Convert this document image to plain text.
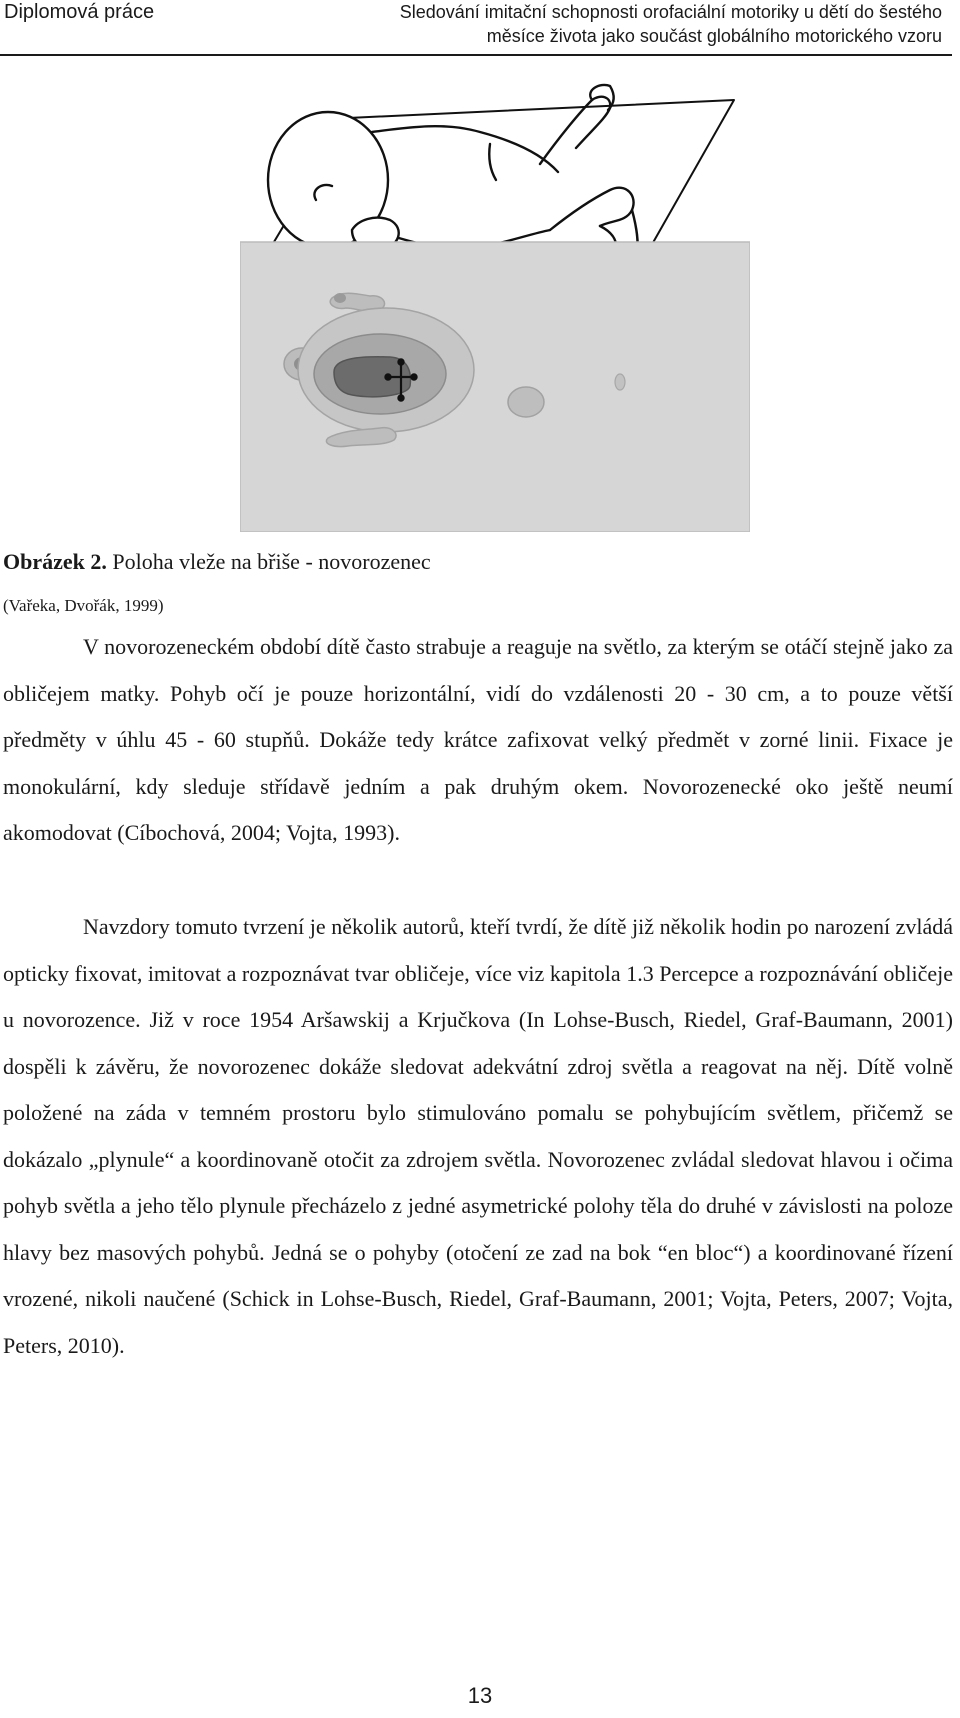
Diplomová práce	Sledování imitační schopnosti orofaciální motoriky u dětí do šestého
měsíce života jako součást globálního motorického vzoru
Obrázek 2. Poloha vleže na břiše - novorozenec
(Vařeka, Dvořák, 1999)

V novorozeneckém období dítě často strabuje a reaguje na světlo, za kterým se otáčí stejně jako za obličejem matky. Pohyb očí je pouze horizontální, vidí do vzdálenosti 20 - 30 cm, a to pouze větší předměty v úhlu 45 - 60 stupňů. Dokáže tedy krátce zafixovat velký předmět v zorné linii. Fixace je monokulární, kdy sleduje střídavě jedním a pak druhým okem. Novorozenecké oko ještě neumí akomodovat (Cíbochová, 2004; Vojta, 1993).

Navzdory tomuto tvrzení je několik autorů, kteří tvrdí, že dítě již několik hodin po narození zvládá opticky fixovat, imitovat a rozpoznávat tvar obličeje, více viz kapitola 1.3 Percepce a rozpoznávání obličeje u novorozence. Již v roce 1954 Aršawskij a Krjučkova (In Lohse-Busch, Riedel, Graf-Baumann, 2001) dospěli k závěru, že novorozenec dokáže sledovat adekvátní zdroj světla a reagovat na něj. Dítě volně položené na záda v temném prostoru bylo stimulováno pomalu se pohybujícím světlem, přičemž se dokázalo „plynule“ a koordinovaně otočit za zdrojem světla. Novorozenec zvládal sledovat hlavou i očima pohyb světla a jeho tělo plynule přecházelo z jedné asymetrické polohy těla do druhé v závislosti na poloze hlavy bez masových pohybů. Jedná se o pohyby (otočení ze zad na bok “en bloc“) a koordinované řízení vrozené, nikoli naučené (Schick in Lohse-Busch, Riedel, Graf-Baumann, 2001; Vojta, Peters, 2007; Vojta, Peters, 2010).

13
